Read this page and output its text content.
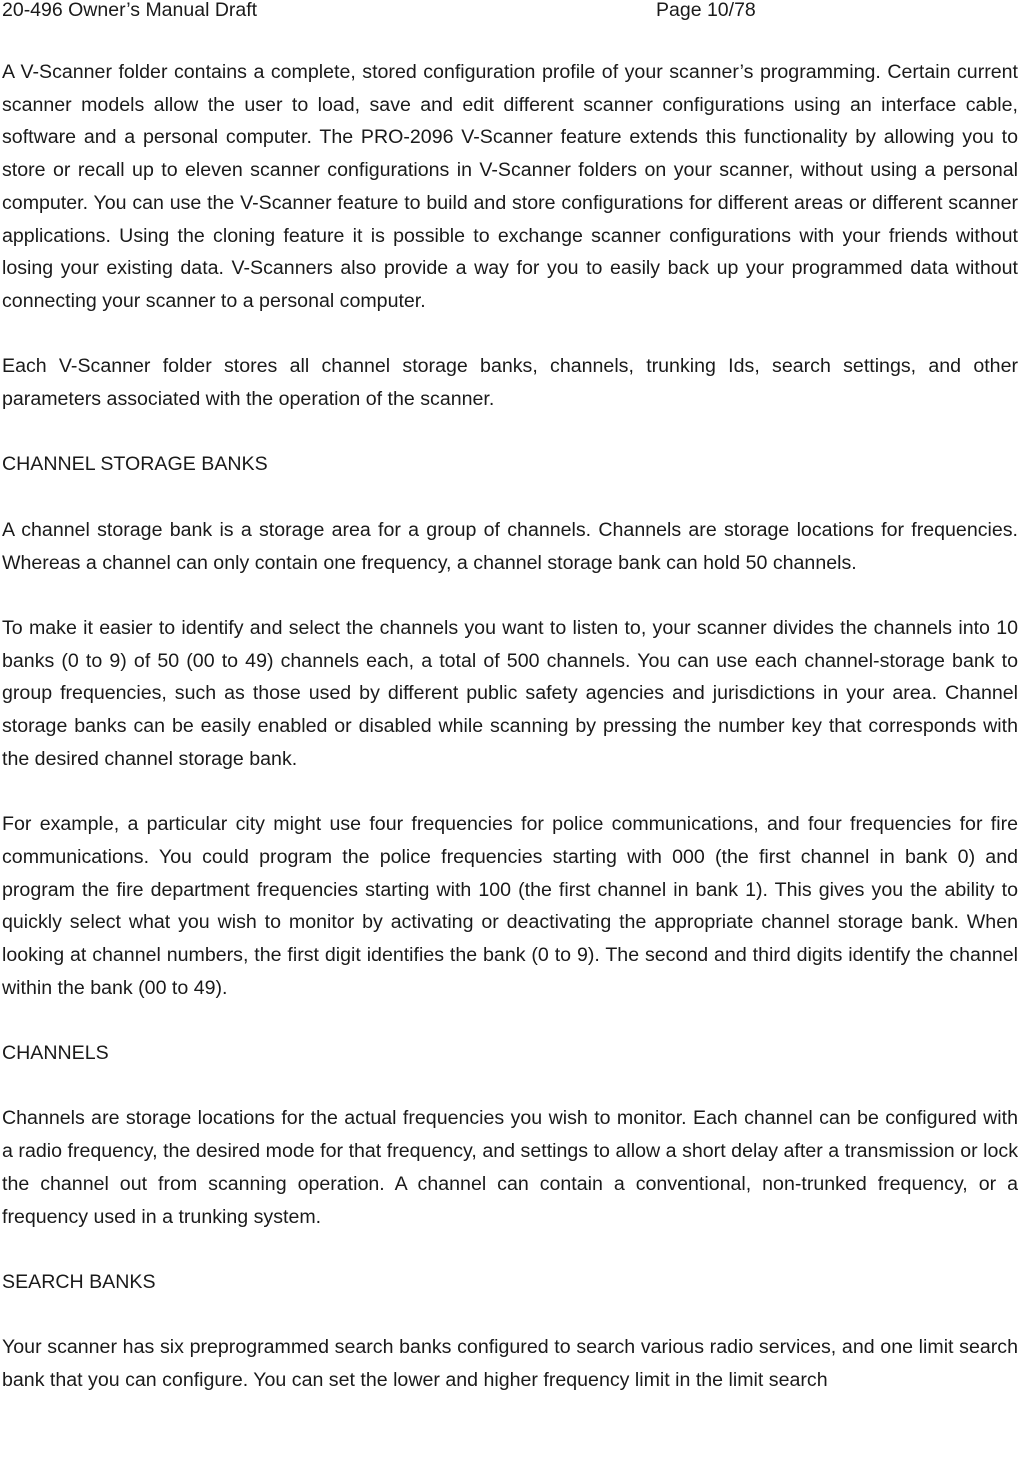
20-496 Owner’s Manual Draft	Page 10/78

A V-Scanner folder contains a complete, stored configuration profile of your scanner’s programming. Certain current scanner models allow the user to load, save and edit different scanner configurations using an interface cable, software and a personal computer. The PRO-2096 V-Scanner feature extends this functionality by allowing you to store or recall up to eleven scanner configurations in V-Scanner folders on your scanner, without using a personal computer. You can use the V-Scanner feature to build and store configurations for different areas or different scanner applications. Using the cloning feature it is possible to exchange scanner configurations with your friends without losing your existing data. V-Scanners also provide a way for you to easily back up your programmed data without connecting your scanner to a personal computer.

Each V-Scanner folder stores all channel storage banks, channels, trunking Ids, search settings, and other parameters associated with the operation of the scanner.

CHANNEL STORAGE BANKS

A channel storage bank is a storage area for a group of channels. Channels are storage locations for frequencies. Whereas a channel can only contain one frequency, a channel storage bank can hold 50 channels.

To make it easier to identify and select the channels you want to listen to, your scanner divides the channels into 10 banks (0 to 9) of 50 (00 to 49) channels each, a total of 500 channels. You can use each channel-storage bank to group frequencies, such as those used by different public safety agencies and jurisdictions in your area. Channel storage banks can be easily enabled or disabled while scanning by pressing the number key that corresponds with the desired channel storage bank.

For example, a particular city might use four frequencies for police communications, and four frequencies for fire communications. You could program the police frequencies starting with 000 (the first channel in bank 0) and program the fire department frequencies starting with 100 (the first channel in bank 1). This gives you the ability to quickly select what you wish to monitor by activating or deactivating the appropriate channel storage bank. When looking at channel numbers, the first digit identifies the bank (0 to 9). The second and third digits identify the channel within the bank (00 to 49).

CHANNELS

Channels are storage locations for the actual frequencies you wish to monitor. Each channel can be configured with a radio frequency, the desired mode for that frequency, and settings to allow a short delay after a transmission or lock the channel out from scanning operation. A channel can contain a conventional, non-trunked frequency, or a frequency used in a trunking system.

SEARCH BANKS

Your scanner has six preprogrammed search banks configured to search various radio services, and one limit search bank that you can configure. You can set the lower and higher frequency limit in the limit search
